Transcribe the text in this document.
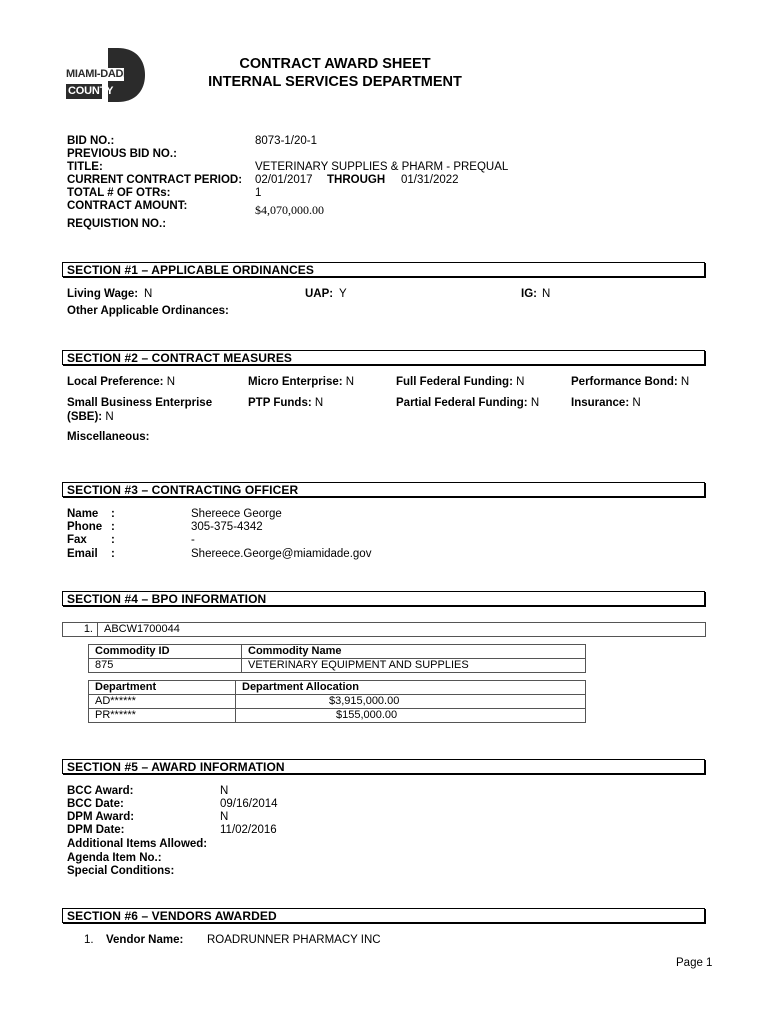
MIAMI-DADE
COUNTY
CONTRACT AWARD SHEET
INTERNAL SERVICES DEPARTMENT
BID NO.:	8073-1/20-1
PREVIOUS BID NO.:
TITLE:	VETERINARY SUPPLIES & PHARM - PREQUAL
CURRENT CONTRACT PERIOD: 02/01/2017 THROUGH 01/31/2022
TOTAL # OF OTRs:	1
CONTRACT AMOUNT:	$4,070,000.00
REQUISTION NO.:
SECTION #1 – APPLICABLE ORDINANCES
Living Wage: N	UAP: Y	IG: N
Other Applicable Ordinances:
SECTION #2 – CONTRACT MEASURES
Local Preference: N	Micro Enterprise: N	Full Federal Funding: N	Performance Bond: N
Small Business Enterprise
(SBE): N
PTP Funds: N	Partial Federal Funding: N	Insurance: N
Miscellaneous:
SECTION #3 – CONTRACTING OFFICER
Name :	Shereece George
Phone :	305-375-4342
Fax :	-
Email :	Shereece.George@miamidade.gov
SECTION #4 – BPO INFORMATION
1.	ABCW1700044
Commodity ID	Commodity Name
875	VETERINARY EQUIPMENT AND SUPPLIES
Department	Department Allocation
AD******	$3,915,000.00
PR******	$155,000.00
SECTION #5 – AWARD INFORMATION
BCC Award:	N
BCC Date:	09/16/2014
DPM Award:	N
DPM Date:	11/02/2016
Additional Items Allowed:
Agenda Item No.:
Special Conditions:
SECTION #6 – VENDORS AWARDED
1. Vendor Name: ROADRUNNER PHARMACY INC
Page 1
